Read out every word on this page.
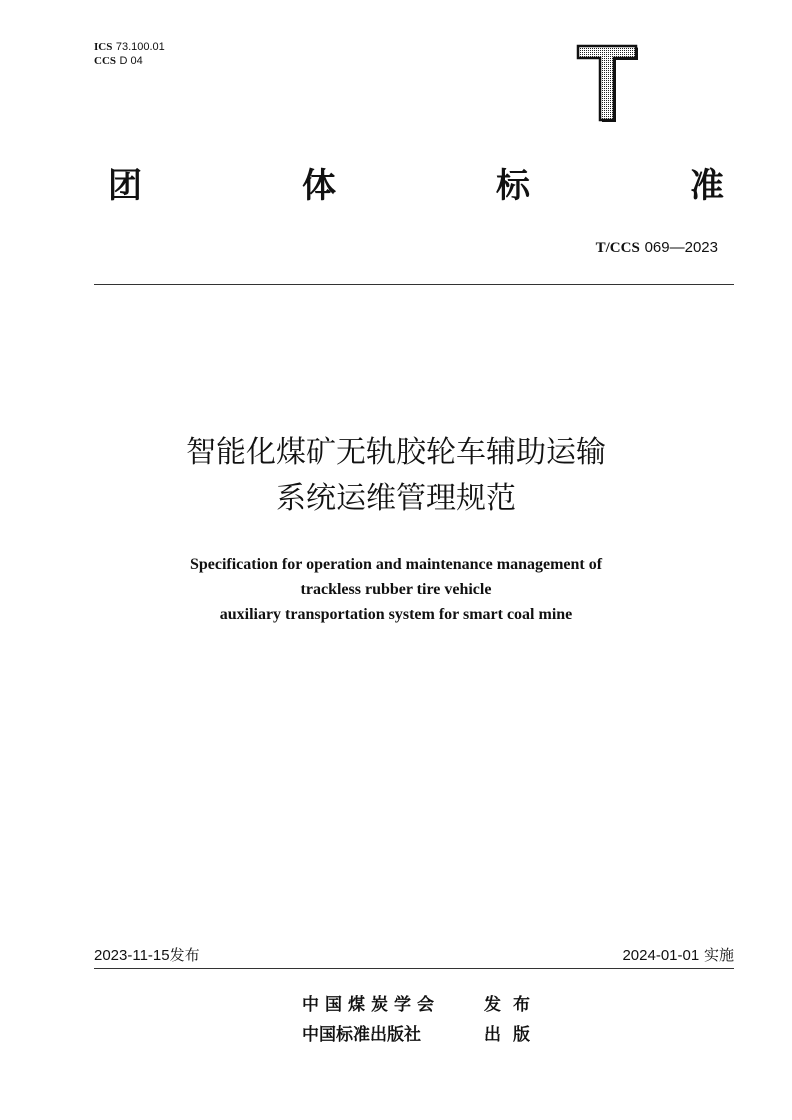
ICS 73.100.01
CCS D 04
团	体	标	准
T/CCS 069—2023
智能化煤矿无轨胶轮车辅助运输
系统运维管理规范
Specification for operation and maintenance management of
trackless rubber tire vehicle
auxiliary transportation system for smart coal mine
2023-11-15发布	2024-01-01 实施
中国煤炭学会	发布
中国标准出版社	出版
